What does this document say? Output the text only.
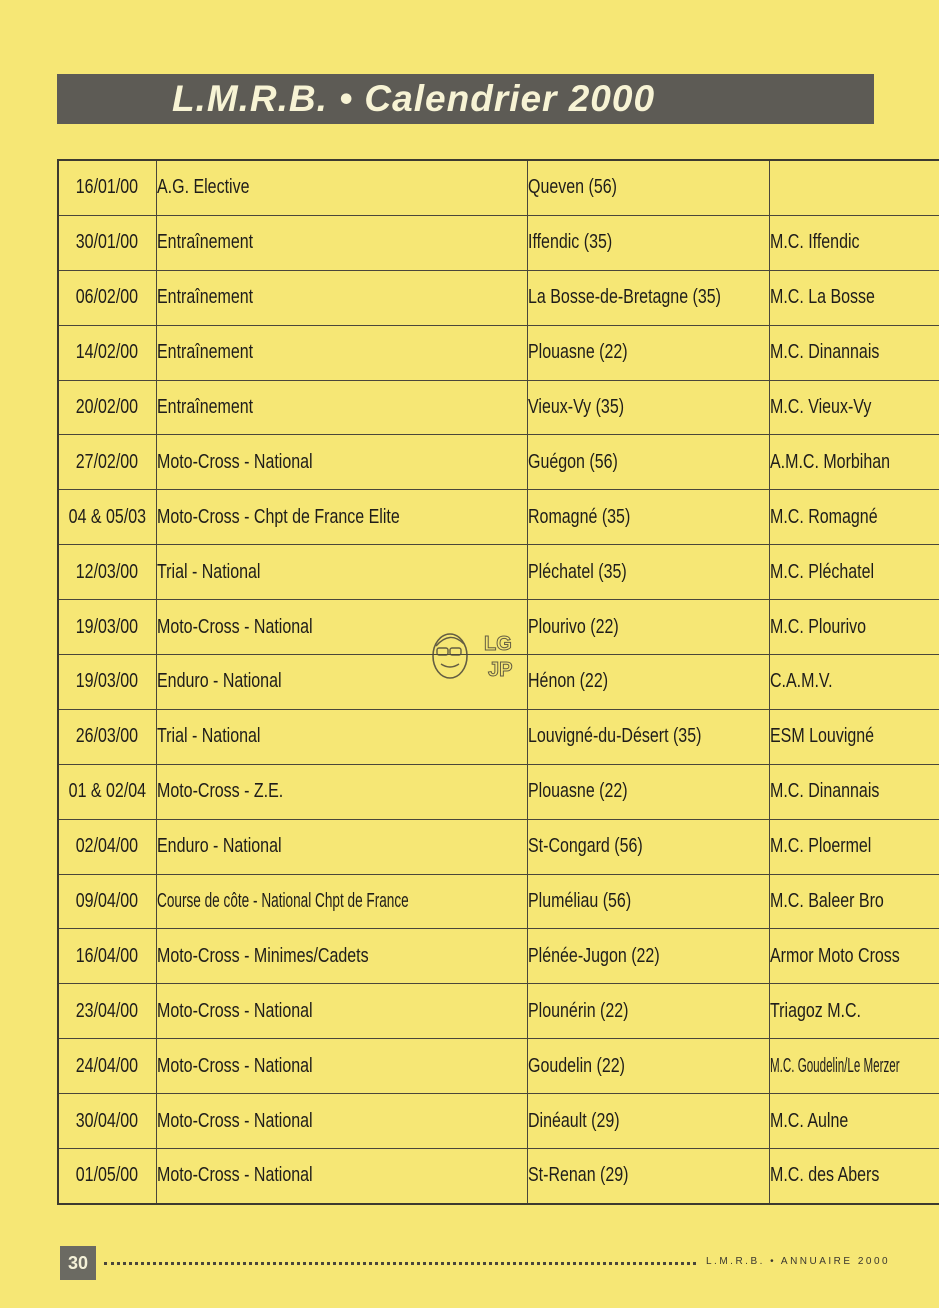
L.M.R.B. • Calendrier 2000
16/01/00	A.G. Elective	Queven (56)	
30/01/00	Entraînement	Iffendic (35)	M.C. Iffendic
06/02/00	Entraînement	La Bosse-de-Bretagne (35)	M.C. La Bosse
14/02/00	Entraînement	Plouasne (22)	M.C. Dinannais
20/02/00	Entraînement	Vieux-Vy (35)	M.C. Vieux-Vy
27/02/00	Moto-Cross - National	Guégon (56)	A.M.C. Morbihan
04 & 05/03	Moto-Cross - Chpt de France Elite	Romagné (35)	M.C. Romagné
12/03/00	Trial - National	Pléchatel (35)	M.C. Pléchatel
19/03/00	Moto-Cross - National	Plourivo (22)	M.C. Plourivo
19/03/00	Enduro - National	Hénon (22)	C.A.M.V.
26/03/00	Trial - National	Louvigné-du-Désert (35)	ESM Louvigné
01 & 02/04	Moto-Cross - Z.E.	Plouasne (22)	M.C. Dinannais
02/04/00	Enduro - National	St-Congard (56)	M.C. Ploermel
09/04/00	Course de côte - National Chpt de France	Pluméliau (56)	M.C. Baleer Bro
16/04/00	Moto-Cross - Minimes/Cadets	Plénée-Jugon (22)	Armor Moto Cross
23/04/00	Moto-Cross - National	Plounérin (22)	Triagoz M.C.
24/04/00	Moto-Cross - National	Goudelin (22)	M.C. Goudelin/Le Merzer
30/04/00	Moto-Cross - National	Dinéault (29)	M.C. Aulne
01/05/00	Moto-Cross - National	St-Renan (29)	M.C. des Abers
LG
JP
30	L.M.R.B. • ANNUAIRE 2000
